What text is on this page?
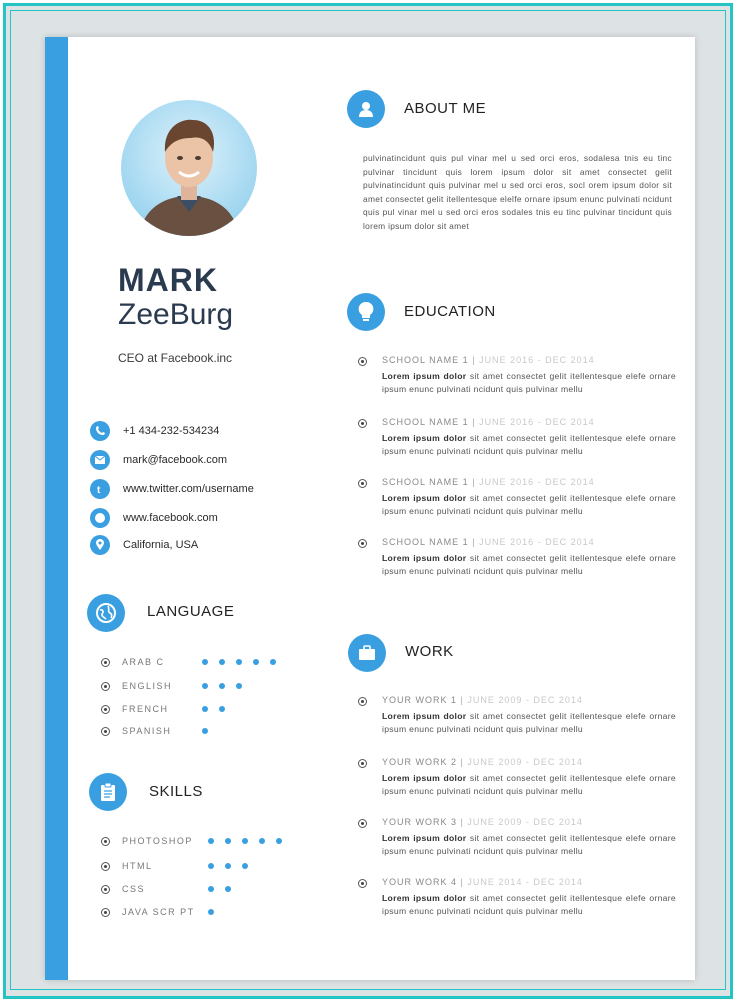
MARK
ZeeBurg
CEO at Facebook.inc
+1 434-232-534234
mark@facebook.com
t www.twitter.com/username
www.facebook.com
California, USA
LANGUAGE
ARAB C
ENGLISH
FRENCH
SPANISH
SKILLS
PHOTOSHOP
HTML
CSS
JAVA SCR PT
ABOUT ME
pulvinatincidunt quis pul vinar mel u sed orci eros, sodalesa tnis eu tinc pulvinar tincidunt quis lorem ipsum dolor sit amet consectet gelit pulvinatincidunt quis pulvinar mel u sed orci eros, socl orem ipsum dolor sit amet consectet gelit itellentesque elelfe ornare ipsum enunc pulvinati ncidunt quis pul vinar mel u sed orci eros sodales tnis eu tinc pulvinar tincidunt quis lorem ipsum dolor sit amet
EDUCATION
SCHOOL NAME 1 | JUNE 2016 - DEC 2014
Lorem ipsum dolor sit amet consectet gelit itellentesque elefe ornare ipsum enunc pulvinati ncidunt quis pulvinar mellu
SCHOOL NAME 1 | JUNE 2016 - DEC 2014
Lorem ipsum dolor sit amet consectet gelit itellentesque elefe ornare ipsum enunc pulvinati ncidunt quis pulvinar mellu
SCHOOL NAME 1 | JUNE 2016 - DEC 2014
Lorem ipsum dolor sit amet consectet gelit itellentesque elefe ornare ipsum enunc pulvinati ncidunt quis pulvinar mellu
SCHOOL NAME 1 | JUNE 2016 - DEC 2014
Lorem ipsum dolor sit amet consectet gelit itellentesque elefe ornare ipsum enunc pulvinati ncidunt quis pulvinar mellu
WORK
YOUR WORK 1 | JUNE 2009 - DEC 2014
Lorem ipsum dolor sit amet consectet gelit itellentesque elefe ornare ipsum enunc pulvinati ncidunt quis pulvinar mellu
YOUR WORK 2 | JUNE 2009 - DEC 2014
Lorem ipsum dolor sit amet consectet gelit itellentesque elefe ornare ipsum enunc pulvinati ncidunt quis pulvinar mellu
YOUR WORK 3 | JUNE 2009 - DEC 2014
Lorem ipsum dolor sit amet consectet gelit itellentesque elefe ornare ipsum enunc pulvinati ncidunt quis pulvinar mellu
YOUR WORK 4 | JUNE 2014 - DEC 2014
Lorem ipsum dolor sit amet consectet gelit itellentesque elefe ornare ipsum enunc pulvinati ncidunt quis pulvinar mellu
